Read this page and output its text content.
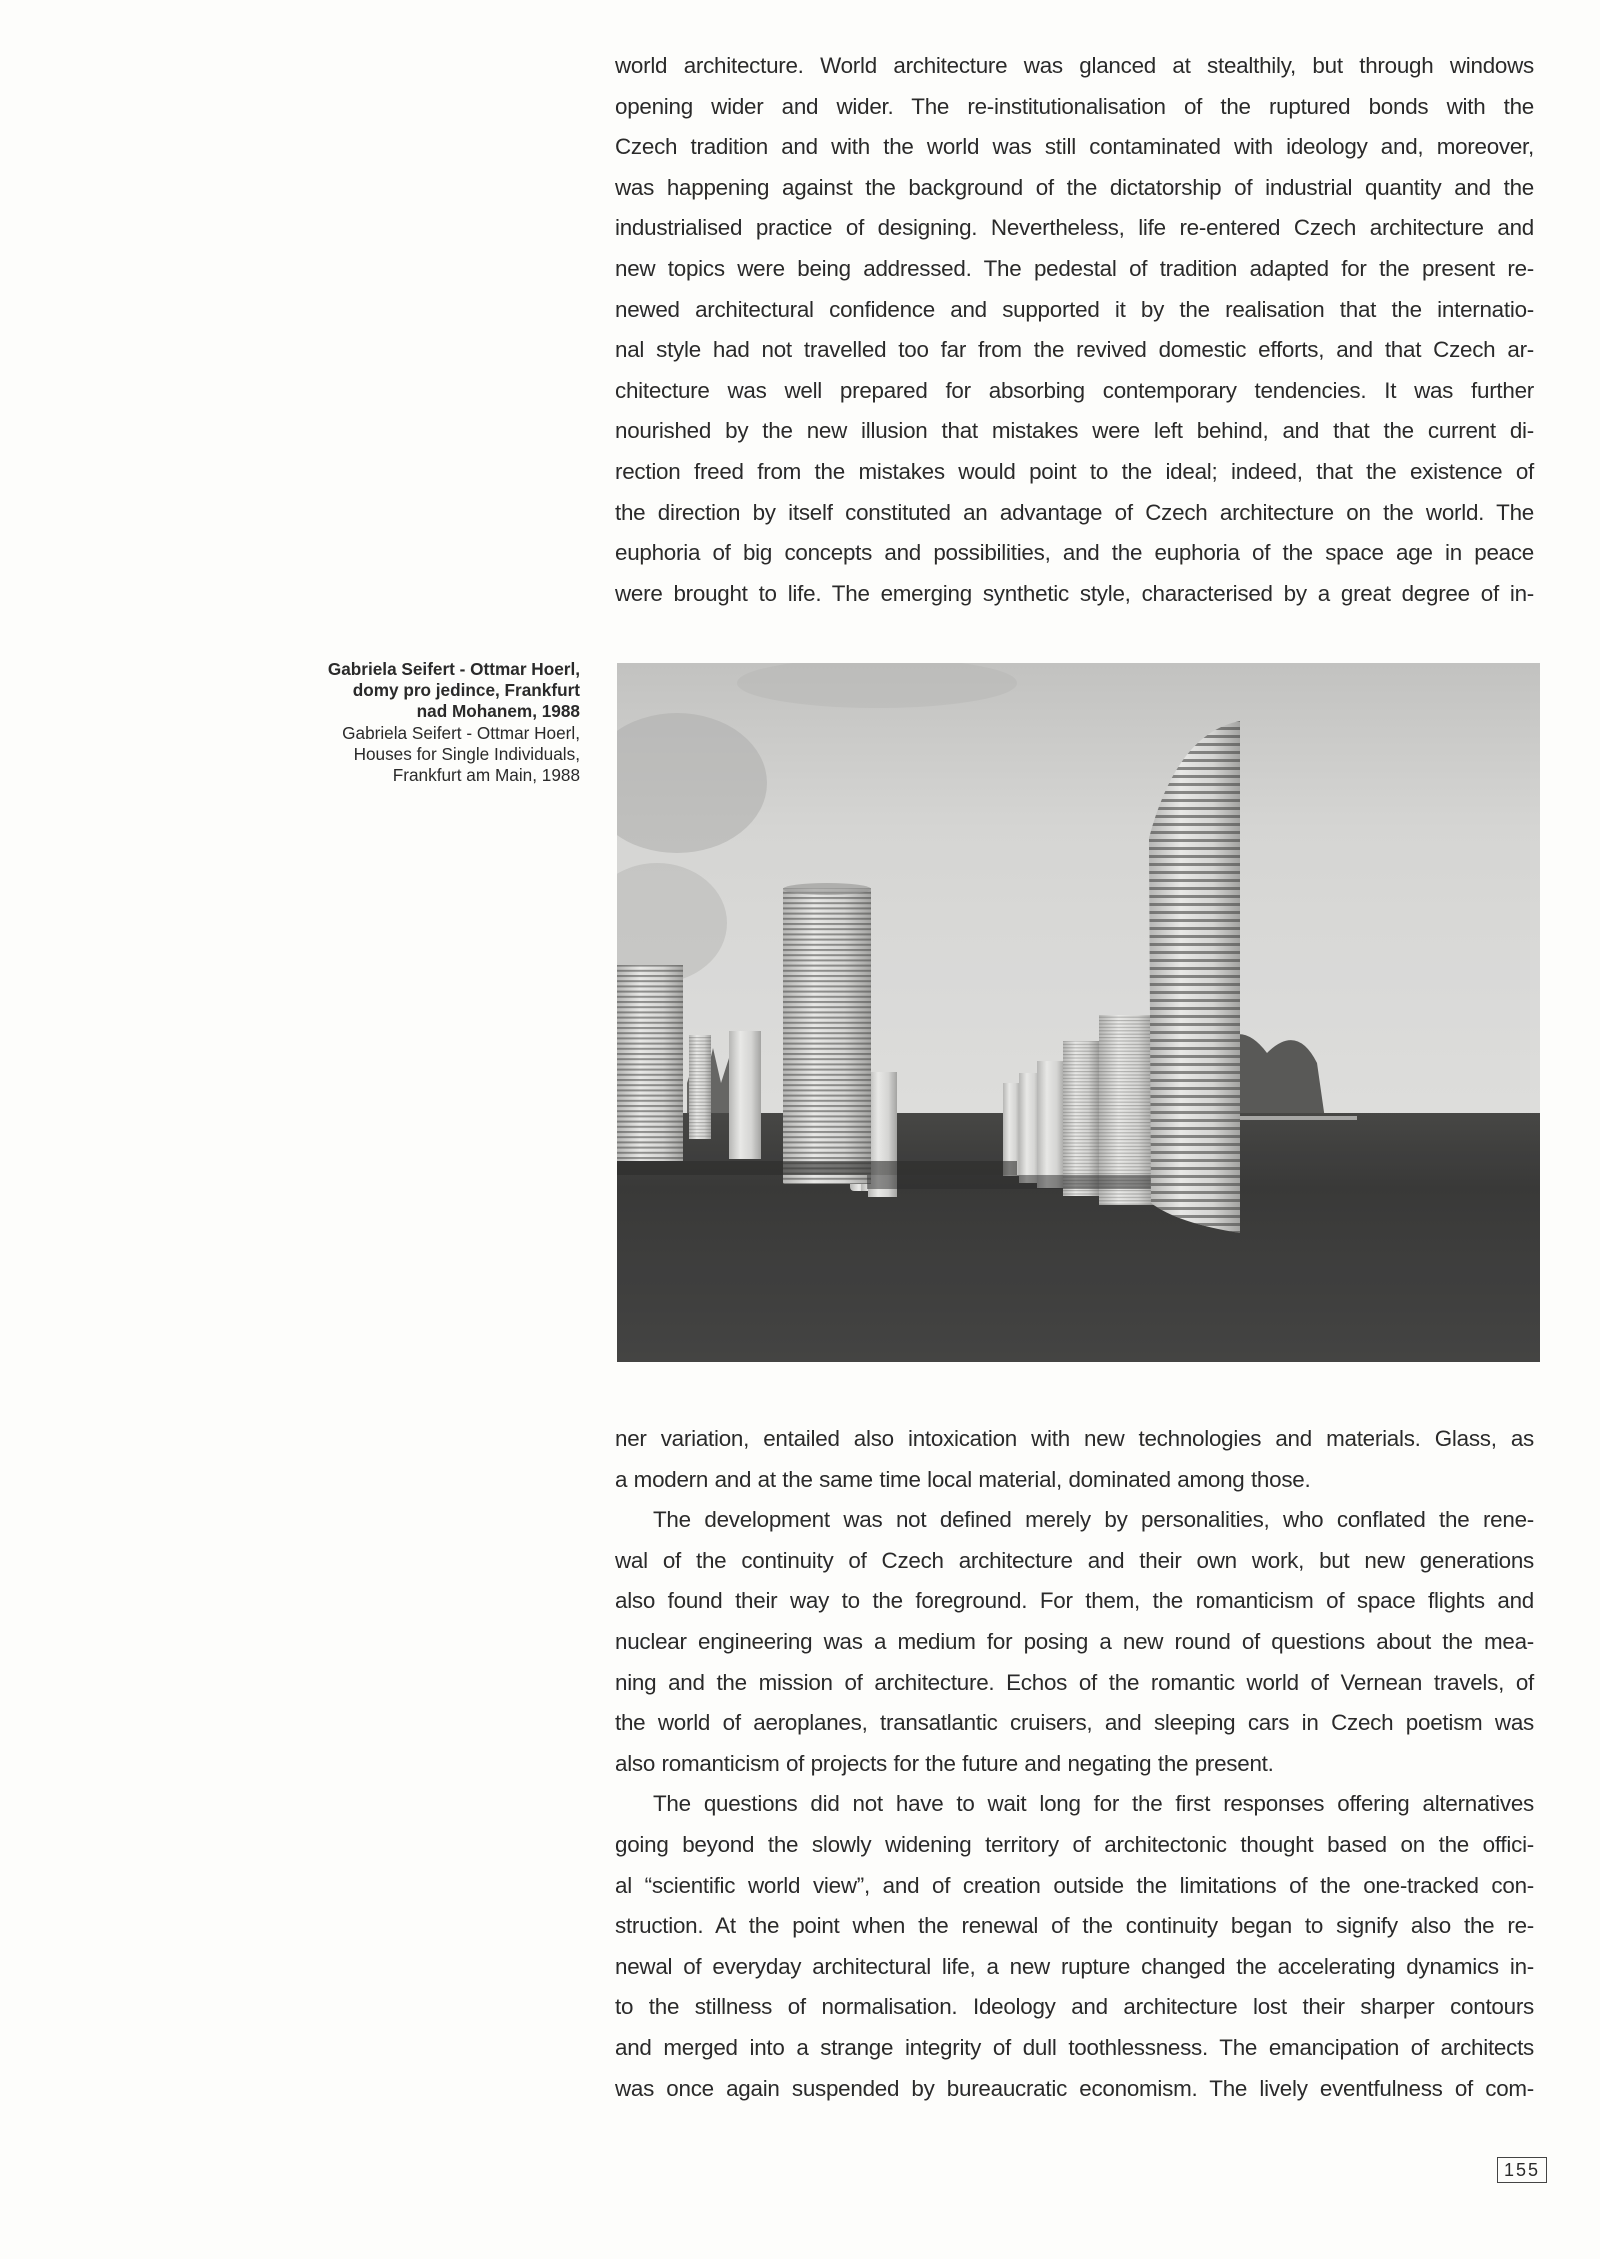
world architecture. World architecture was glanced at stealthily, but through windows
opening wider and wider. The re-institutionalisation of the ruptured bonds with the
Czech tradition and with the world was still contaminated with ideology and, moreover,
was happening against the background of the dictatorship of industrial quantity and the
industrialised practice of designing. Nevertheless, life re-entered Czech architecture and
new topics were being addressed. The pedestal of tradition adapted for the present re-
newed architectural confidence and supported it by the realisation that the internatio-
nal style had not travelled too far from the revived domestic efforts, and that Czech ar-
chitecture was well prepared for absorbing contemporary tendencies. It was further
nourished by the new illusion that mistakes were left behind, and that the current di-
rection freed from the mistakes would point to the ideal; indeed, that the existence of
the direction by itself constituted an advantage of Czech architecture on the world. The
euphoria of big concepts and possibilities, and the euphoria of the space age in peace
were brought to life. The emerging synthetic style, characterised by a great degree of in-

Gabriela Seifert - Ottmar Hoerl,
domy pro jedince, Frankfurt
nad Mohanem, 1988
Gabriela Seifert - Ottmar Hoerl,
Houses for Single Individuals,
Frankfurt am Main, 1988

ner variation, entailed also intoxication with new technologies and materials. Glass, as
a modern and at the same time local material, dominated among those.

The development was not defined merely by personalities, who conflated the rene-
wal of the continuity of Czech architecture and their own work, but new generations
also found their way to the foreground. For them, the romanticism of space flights and
nuclear engineering was a medium for posing a new round of questions about the mea-
ning and the mission of architecture. Echos of the romantic world of Vernean travels, of
the world of aeroplanes, transatlantic cruisers, and sleeping cars in Czech poetism was
also romanticism of projects for the future and negating the present.

The questions did not have to wait long for the first responses offering alternatives
going beyond the slowly widening territory of architectonic thought based on the offici-
al “scientific world view”, and of creation outside the limitations of the one-tracked con-
struction. At the point when the renewal of the continuity began to signify also the re-
newal of everyday architectural life, a new rupture changed the accelerating dynamics in-
to the stillness of normalisation. Ideology and architecture lost their sharper contours
and merged into a strange integrity of dull toothlessness. The emancipation of architects
was once again suspended by bureaucratic economism. The lively eventfulness of com-

155
